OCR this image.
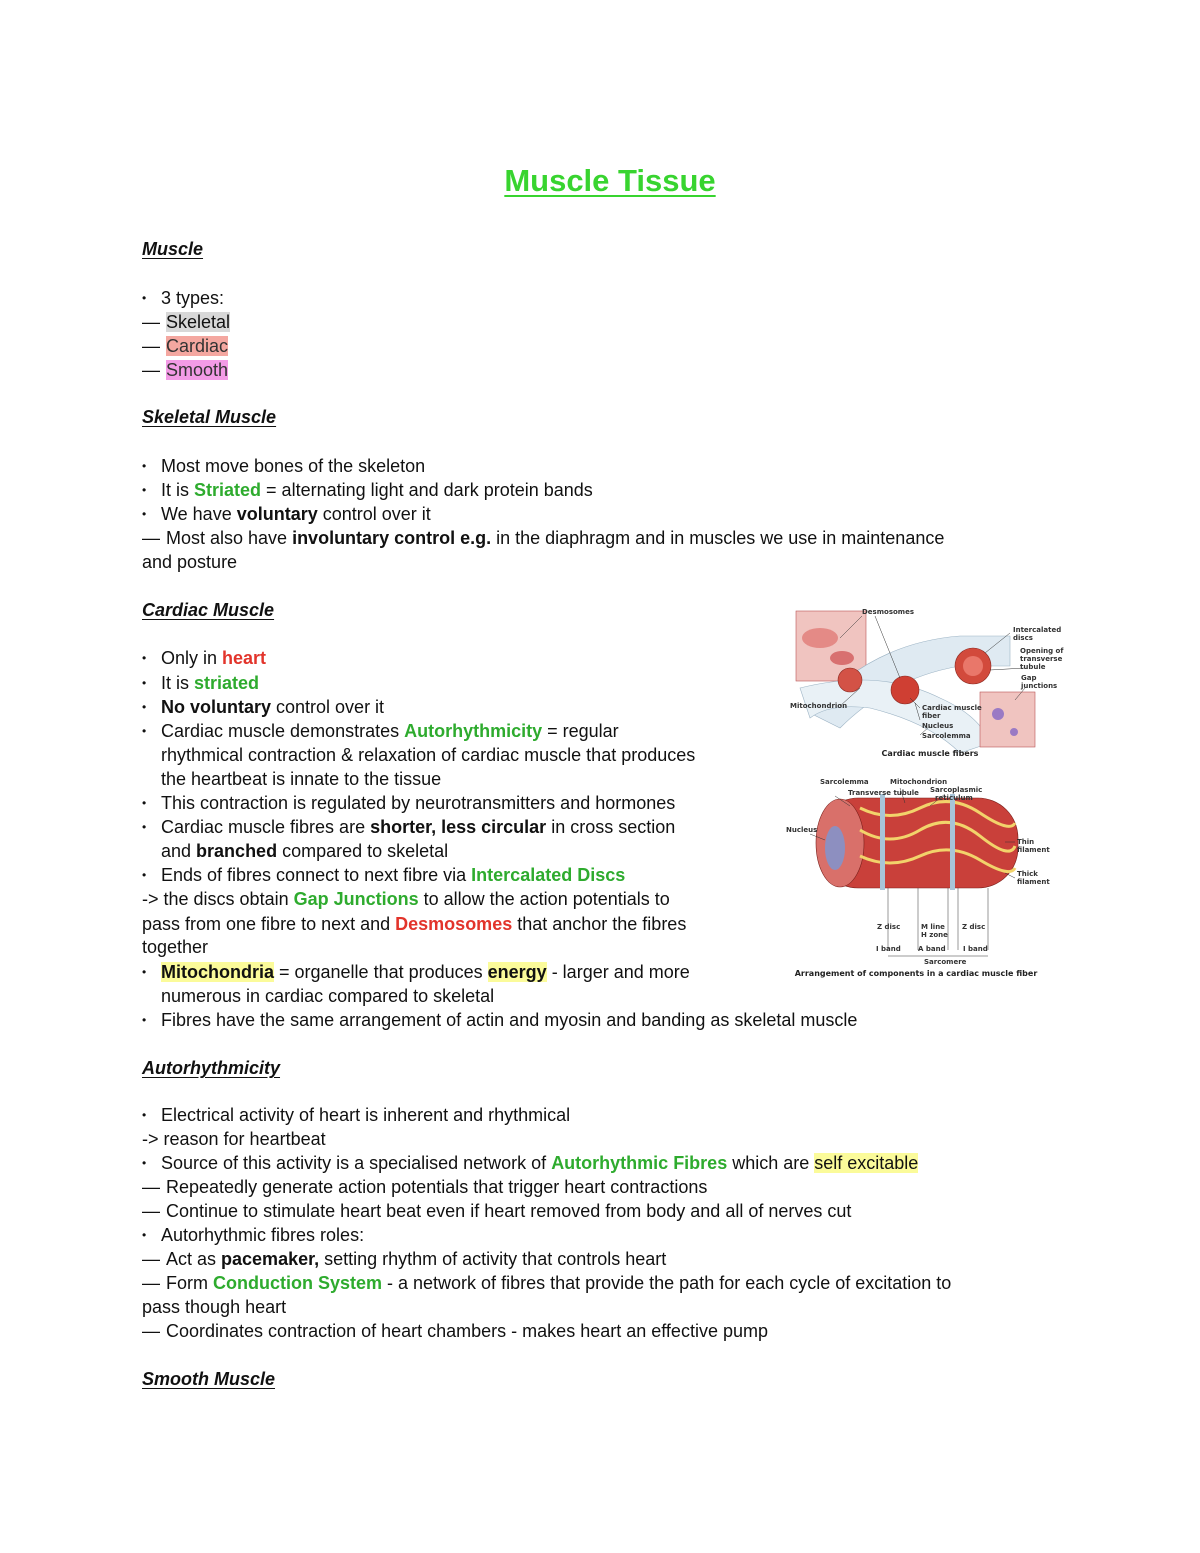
Muscle Tissue
Muscle
• 3 types:
— Skeletal
— Cardiac
— Smooth
Skeletal Muscle
• Most move bones of the skeleton
• It is Striated = alternating light and dark protein bands
• We have voluntary control over it
— Most also have involuntary control e.g. in the diaphragm and in muscles we use in maintenance
and posture
Cardiac Muscle
• Only in heart
• It is striated
• No voluntary control over it
• Cardiac muscle demonstrates Autorhythmicity = regular
rhythmical contraction & relaxation of cardiac muscle that produces
the heartbeat is innate to the tissue
• This contraction is regulated by neurotransmitters and hormones
• Cardiac muscle fibres are shorter, less circular in cross section
and branched compared to skeletal
• Ends of fibres connect to next fibre via Intercalated Discs
-> the discs obtain Gap Junctions to allow the action potentials to
pass from one fibre to next and Desmosomes that anchor the fibres
together
• Mitochondria = organelle that produces energy - larger and more
numerous in cardiac compared to skeletal
• Fibres have the same arrangement of actin and myosin and banding as skeletal muscle
Autorhythmicity
• Electrical activity of heart is inherent and rhythmical
-> reason for heartbeat
• Source of this activity is a specialised network of Autorhythmic Fibres which are self excitable
— Repeatedly generate action potentials that trigger heart contractions
— Continue to stimulate heart beat even if heart removed from body and all of nerves cut
• Autorhythmic fibres roles:
— Act as pacemaker, setting rhythm of activity that controls heart
— Form Conduction System - a network of fibres that provide the path for each cycle of excitation to
pass though heart
— Coordinates contraction of heart chambers - makes heart an effective pump
Smooth Muscle
Desmosomes
Intercalated
discs
Opening of
transverse
tubule
Gap
junctions
Mitochondrion	Cardiac muscle
fiber
Nucleus
Sarcolemma
Cardiac muscle fibers
Sarcolemma	Mitochondrion
Transverse tubule Sarcoplasmic
reticulum
Nucleus
Thin
filament
Thick
filament
Z disc	M line
H zone
Z disc
I band A band I band
Sarcomere
Arrangement of components in a cardiac muscle fiber
